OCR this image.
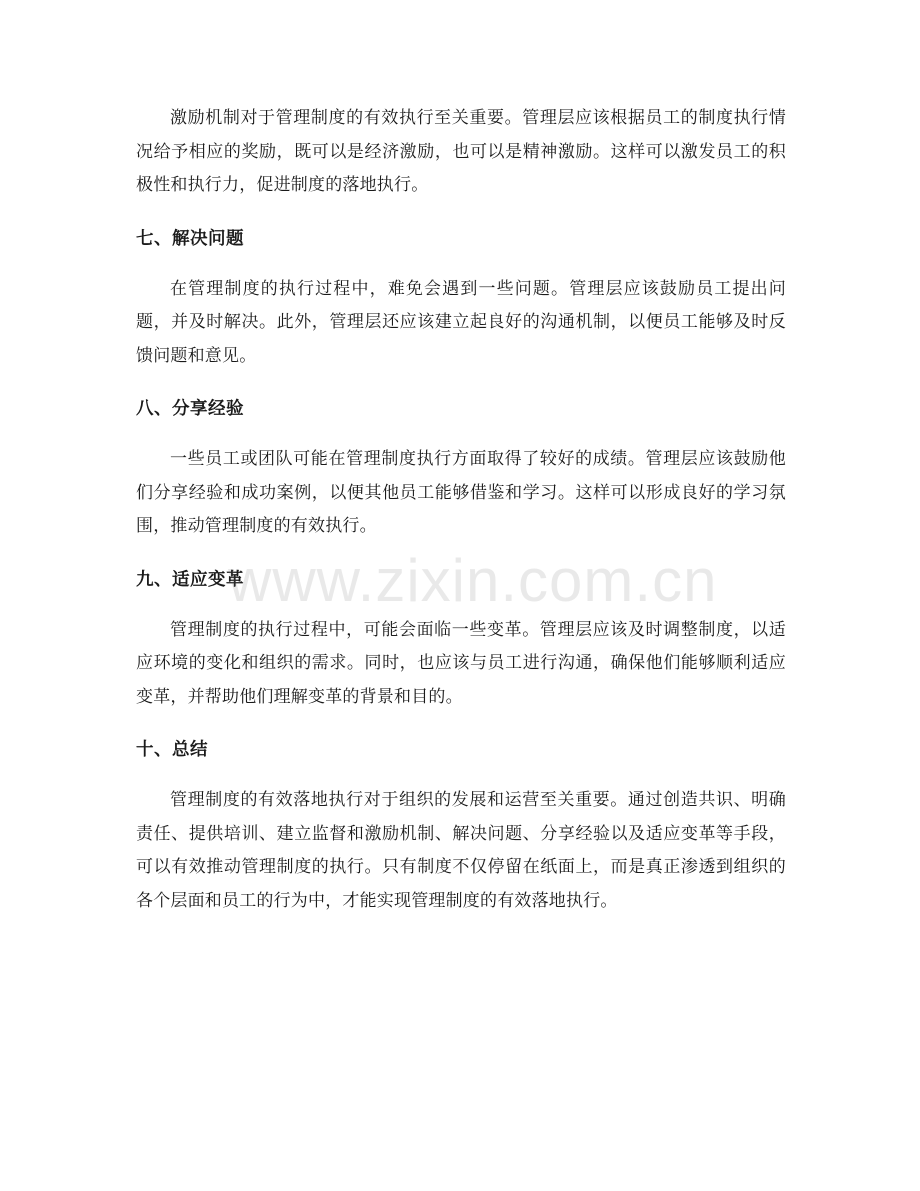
激励机制对于管理制度的有效执行至关重要。管理层应该根据员工的制度执行情况给予相应的奖励，既可以是经济激励，也可以是精神激励。这样可以激发员工的积极性和执行力，促进制度的落地执行。

七、解决问题

在管理制度的执行过程中，难免会遇到一些问题。管理层应该鼓励员工提出问题，并及时解决。此外，管理层还应该建立起良好的沟通机制，以便员工能够及时反馈问题和意见。

八、分享经验

一些员工或团队可能在管理制度执行方面取得了较好的成绩。管理层应该鼓励他们分享经验和成功案例，以便其他员工能够借鉴和学习。这样可以形成良好的学习氛围，推动管理制度的有效执行。

九、适应变革

管理制度的执行过程中，可能会面临一些变革。管理层应该及时调整制度，以适应环境的变化和组织的需求。同时，也应该与员工进行沟通，确保他们能够顺利适应变革，并帮助他们理解变革的背景和目的。

十、总结

管理制度的有效落地执行对于组织的发展和运营至关重要。通过创造共识、明确责任、提供培训、建立监督和激励机制、解决问题、分享经验以及适应变革等手段，可以有效推动管理制度的执行。只有制度不仅停留在纸面上，而是真正渗透到组织的各个层面和员工的行为中，才能实现管理制度的有效落地执行。

www.zixin.com.cn
